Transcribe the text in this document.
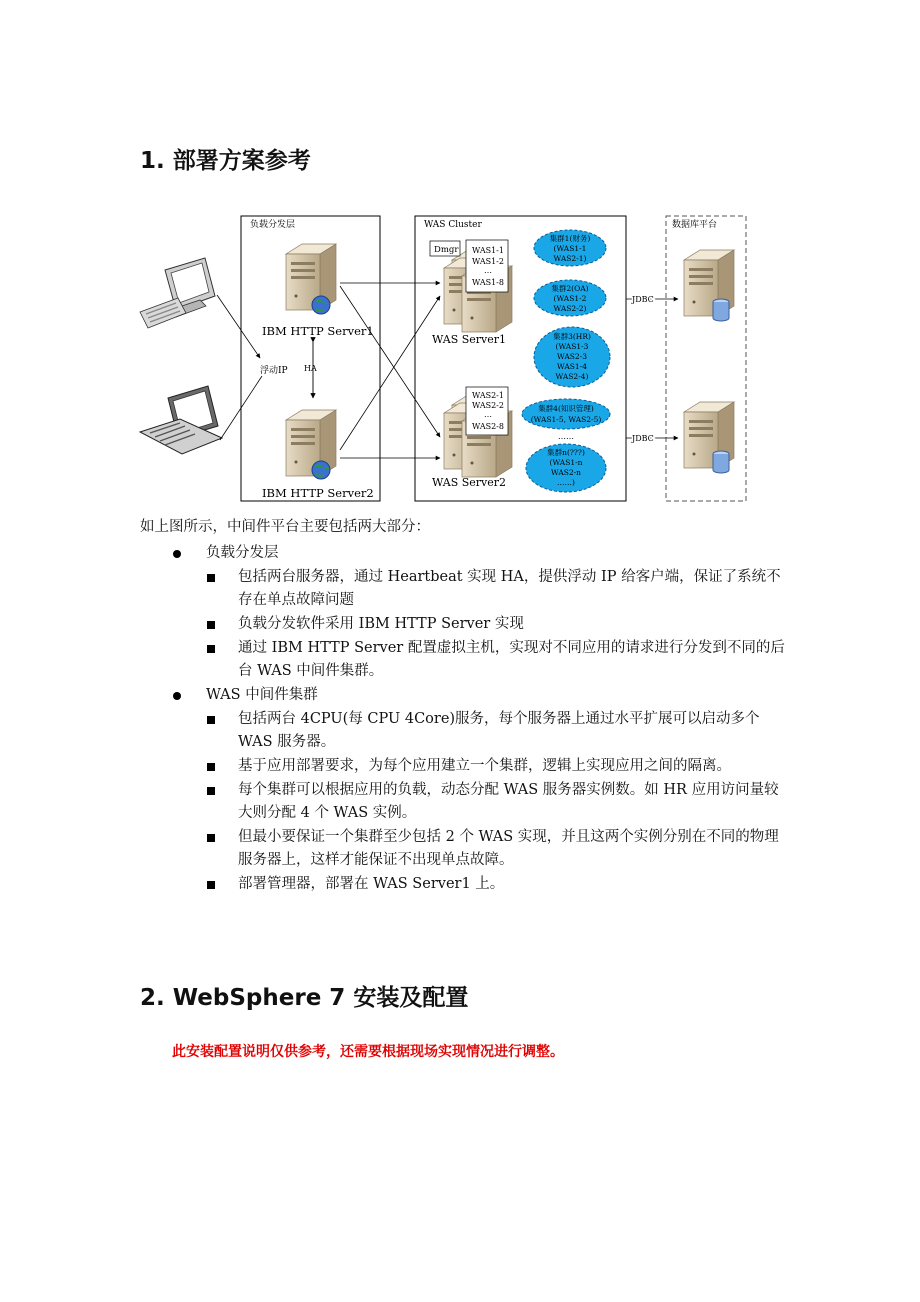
1. 部署方案参考
负载分发层	WAS Cluster	数据库平台
浮动IP
IBM HTTP Server1
IBM HTTP Server2
HA
Dmgr WAS1-1
WAS1-2
…
WAS1-8
WAS Server1
WAS2-1
WAS2-2
…
WAS2-8
WAS Server2
集群1(财务)
(WAS1-1
WAS2-1)
集群2(OA)
(WAS1-2
WAS2-2)
集群3(HR)
(WAS1-3
WAS2-3
WAS1-4
WAS2-4)
集群4(知识管理)
(WAS1-5, WAS2-5)
……
集群n(???)
(WAS1-n
WAS2-n
……)
JDBC
JDBC
如上图所示，中间件平台主要包括两大部分：
负载分发层
包括两台服务器，通过 Heartbeat 实现 HA，提供浮动 IP 给客户端，保证了系统不存在单点故障问题
负载分发软件采用 IBM HTTP Server 实现
通过 IBM HTTP Server 配置虚拟主机，实现对不同应用的请求进行分发到不同的后台 WAS 中间件集群。
WAS 中间件集群
包括两台 4CPU(每 CPU 4Core)服务，每个服务器上通过水平扩展可以启动多个 WAS 服务器。
基于应用部署要求，为每个应用建立一个集群，逻辑上实现应用之间的隔离。
每个集群可以根据应用的负载，动态分配 WAS 服务器实例数。如 HR 应用访问量较大则分配 4 个 WAS 实例。
但最小要保证一个集群至少包括 2 个 WAS 实现，并且这两个实例分别在不同的物理服务器上，这样才能保证不出现单点故障。
部署管理器，部署在 WAS Server1 上。
2. WebSphere 7 安装及配置
此安装配置说明仅供参考，还需要根据现场实现情况进行调整。
